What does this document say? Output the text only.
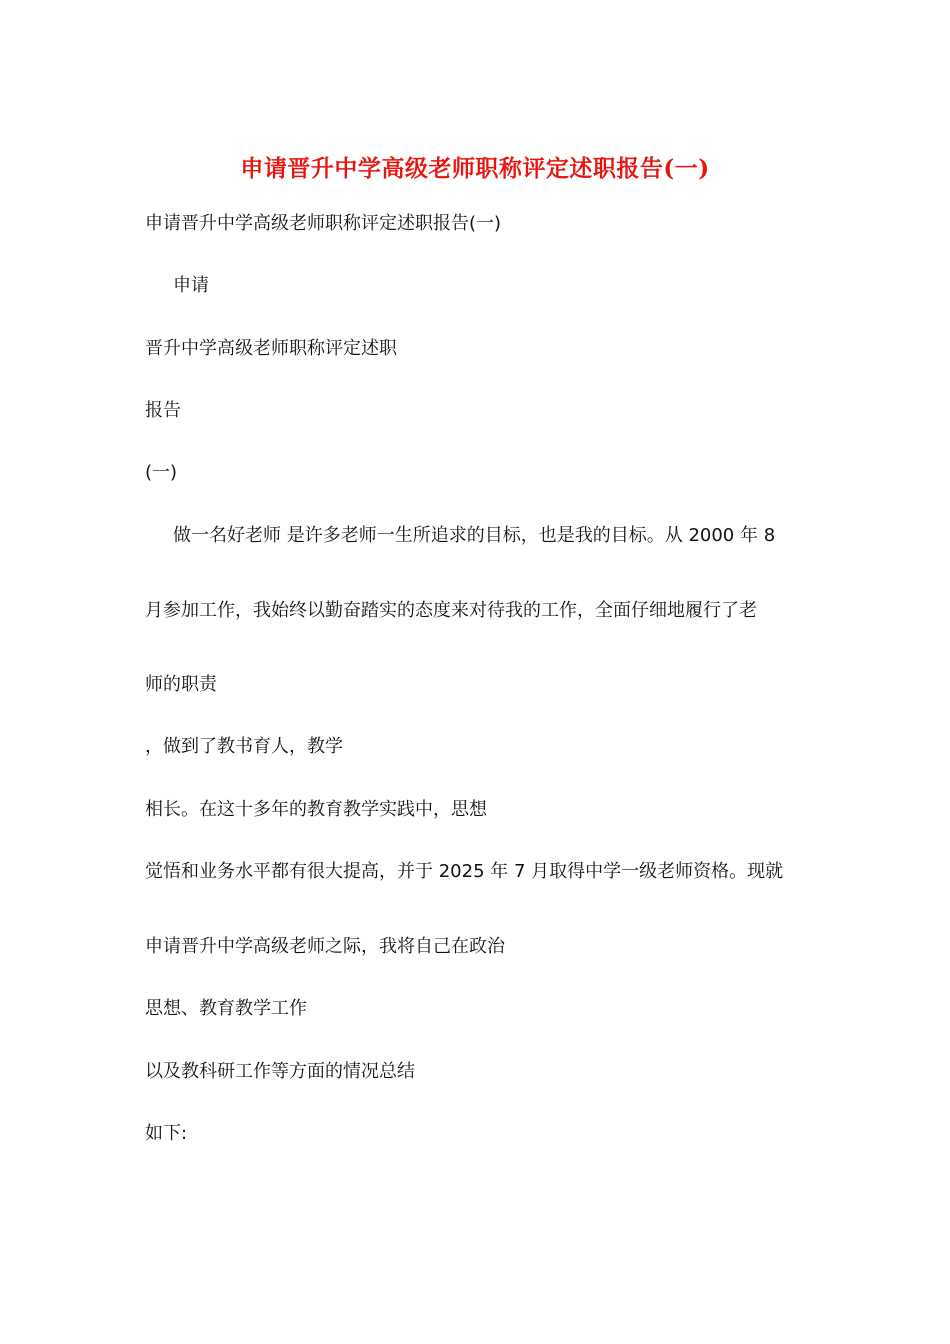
申请晋升中学高级老师职称评定述职报告(一)
申请晋升中学高级老师职称评定述职报告(一)
申请
晋升中学高级老师职称评定述职
报告
(一)
做一名好老师 是许多老师一生所追求的目标，也是我的目标。从 2000 年 8
月参加工作，我始终以勤奋踏实的态度来对待我的工作，全面仔细地履行了老
师的职责
，做到了教书育人，教学
相长。在这十多年的教育教学实践中，思想
觉悟和业务水平都有很大提高，并于 2025 年 7 月取得中学一级老师资格。现就
申请晋升中学高级老师之际，我将自己在政治
思想、教育教学工作
以及教科研工作等方面的情况总结
如下:
